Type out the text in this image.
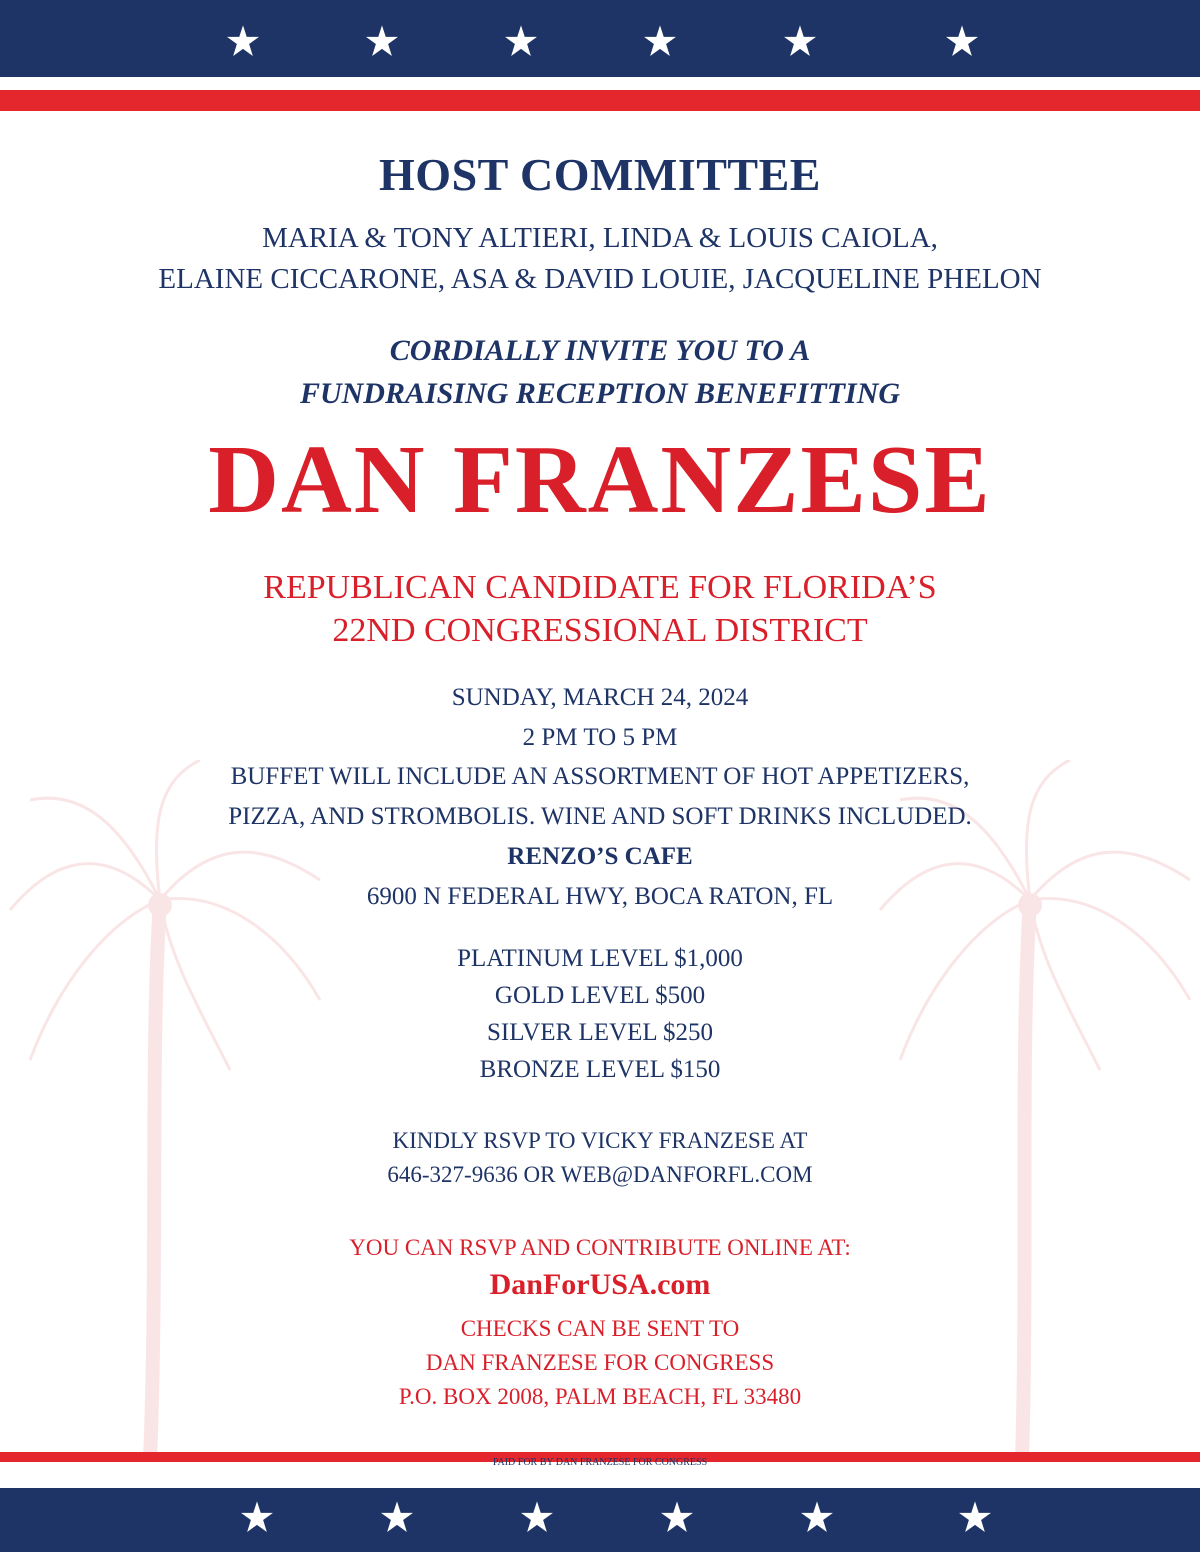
HOST COMMITTEE
MARIA & TONY ALTIERI, LINDA & LOUIS CAIOLA,
ELAINE CICCARONE, ASA & DAVID LOUIE, JACQUELINE PHELON
CORDIALLY INVITE YOU TO A
FUNDRAISING RECEPTION BENEFITTING
DAN FRANZESE
REPUBLICAN CANDIDATE FOR FLORIDA’S
22ND CONGRESSIONAL DISTRICT
SUNDAY, MARCH 24, 2024
2 PM TO 5 PM
BUFFET WILL INCLUDE AN ASSORTMENT OF HOT APPETIZERS,
PIZZA, AND STROMBOLIS. WINE AND SOFT DRINKS INCLUDED.
RENZO’S CAFE
6900 N FEDERAL HWY, BOCA RATON, FL
PLATINUM LEVEL $1,000
GOLD LEVEL $500
SILVER LEVEL $250
BRONZE LEVEL $150
KINDLY RSVP TO VICKY FRANZESE AT
646-327-9636 OR WEB@DANFORFL.COM
YOU CAN RSVP AND CONTRIBUTE ONLINE AT:
DanForUSA.com
CHECKS CAN BE SENT TO
DAN FRANZESE FOR CONGRESS
P.O. BOX 2008, PALM BEACH, FL 33480
PAID FOR BY DAN FRANZESE FOR CONGRESS
